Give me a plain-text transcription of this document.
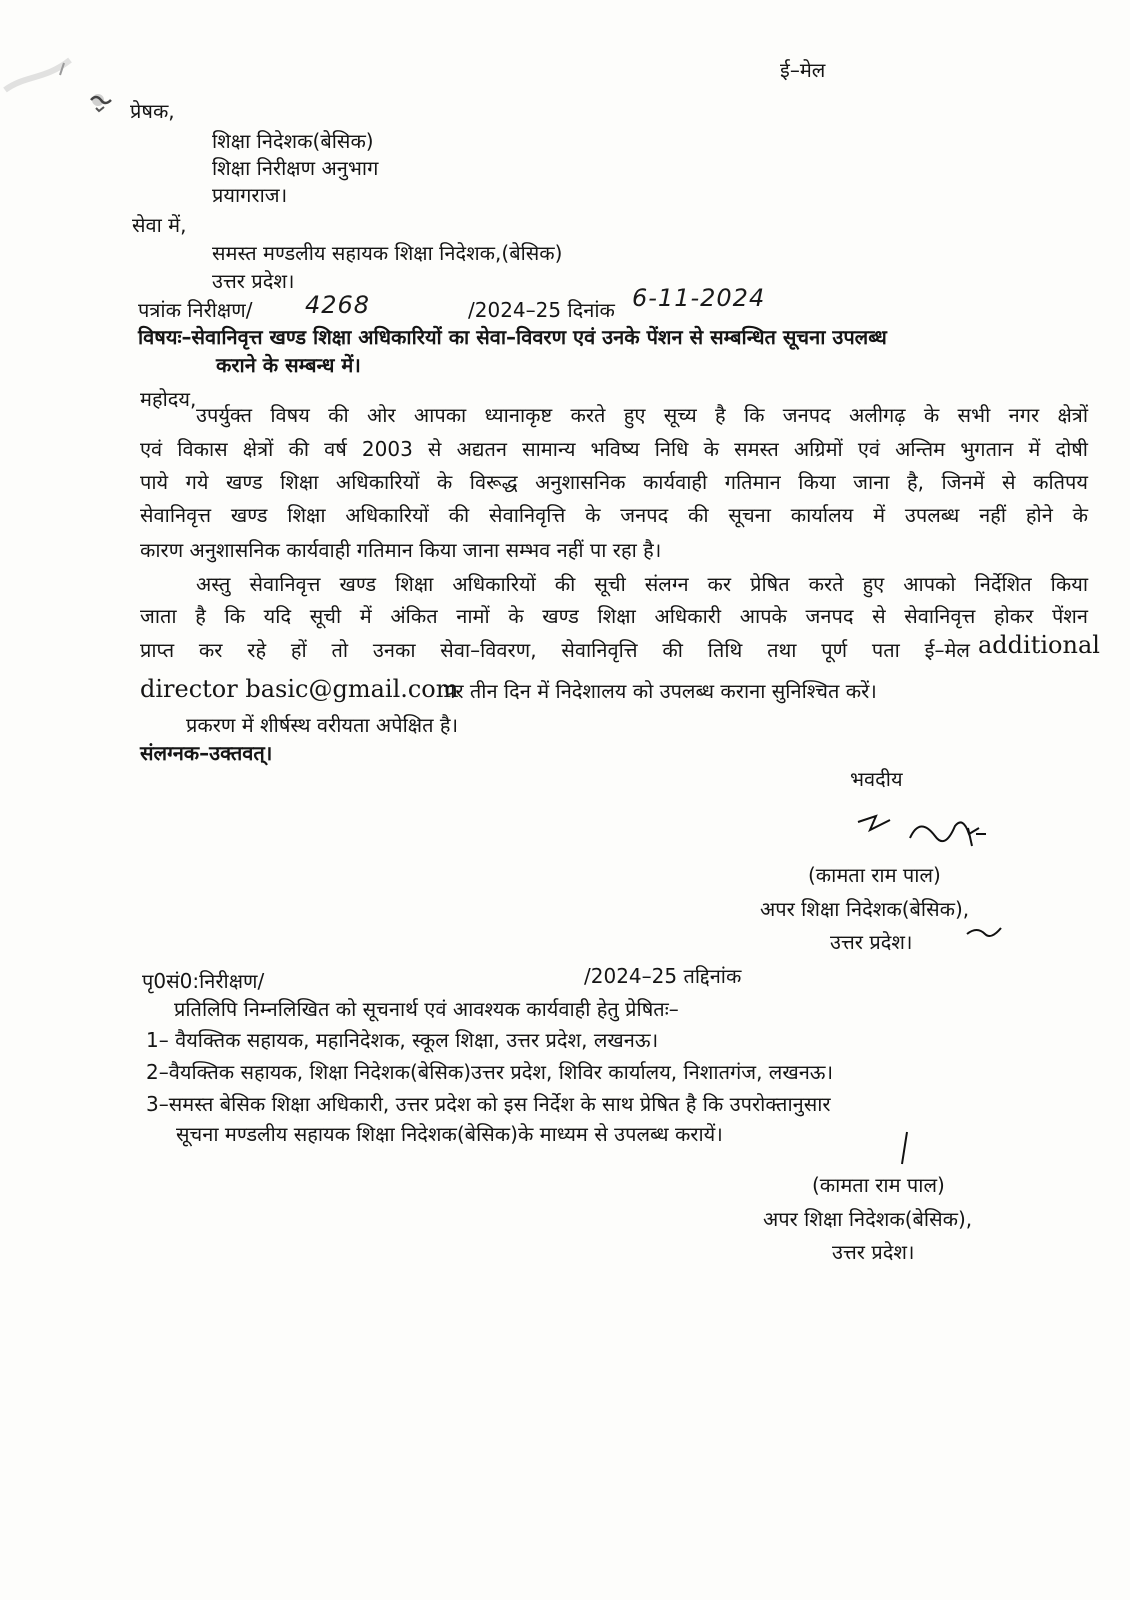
ई–मेल
प्रेषक,
शिक्षा निदेशक(बेसिक)
शिक्षा निरीक्षण अनुभाग
प्रयागराज।
सेवा में,
समस्त मण्डलीय सहायक शिक्षा निदेशक,(बेसिक)
उत्तर प्रदेश।
पत्रांक निरीक्षण/ 4268	/2024–25 दिनांक 6-11-2024
विषयः–सेवानिवृत्त खण्ड शिक्षा अधिकारियों का सेवा–विवरण एवं उनके पेंशन से सम्बन्धित सूचना उपलब्ध
कराने के सम्बन्ध में।
महोदय,
उपर्युक्त विषय की ओर आपका ध्यानाकृष्ट करते हुए सूच्य है कि जनपद अलीगढ़ के सभी नगर क्षेत्रों
एवं विकास क्षेत्रों की वर्ष 2003 से अद्यतन सामान्य भविष्य निधि के समस्त अग्रिमों एवं अन्तिम भुगतान में दोषी
पाये गये खण्ड शिक्षा अधिकारियों के विरूद्ध अनुशासनिक कार्यवाही गतिमान किया जाना है, जिनमें से कतिपय
सेवानिवृत्त खण्ड शिक्षा अधिकारियों की सेवानिवृत्ति के जनपद की सूचना कार्यालय में उपलब्ध नहीं होने के
कारण अनुशासनिक कार्यवाही गतिमान किया जाना सम्भव नहीं पा रहा है।
अस्तु सेवानिवृत्त खण्ड शिक्षा अधिकारियों की सूची संलग्न कर प्रेषित करते हुए आपको निर्देशित किया
जाता है कि यदि सूची में अंकित नामों के खण्ड शिक्षा अधिकारी आपके जनपद से सेवानिवृत्त होकर पेंशन
प्राप्त कर रहे हों तो उनका सेवा–विवरण, सेवानिवृत्ति की तिथि तथा पूर्ण पता ई–मेल additional
director basic@gmail.com
पर तीन दिन में निदेशालय को उपलब्ध कराना सुनिश्चित करें।
प्रकरण में शीर्षस्थ वरीयता अपेक्षित है।
संलग्नक–उक्तवत्।
भवदीय
(कामता राम पाल)
अपर शिक्षा निदेशक(बेसिक),
उत्तर प्रदेश।
पृ0सं0:निरीक्षण/	/2024–25 तद्दिनांक
प्रतिलिपि निम्नलिखित को सूचनार्थ एवं आवश्यक कार्यवाही हेतु प्रेषितः–
1– वैयक्तिक सहायक, महानिदेशक, स्कूल शिक्षा, उत्तर प्रदेश, लखनऊ।
2–वैयक्तिक सहायक, शिक्षा निदेशक(बेसिक)उत्तर प्रदेश, शिविर कार्यालय, निशातगंज, लखनऊ।
3–समस्त बेसिक शिक्षा अधिकारी, उत्तर प्रदेश को इस निर्देश के साथ प्रेषित है कि उपरोक्तानुसार
सूचना मण्डलीय सहायक शिक्षा निदेशक(बेसिक)के माध्यम से उपलब्ध करायें।
(कामता राम पाल)
अपर शिक्षा निदेशक(बेसिक),
उत्तर प्रदेश।
